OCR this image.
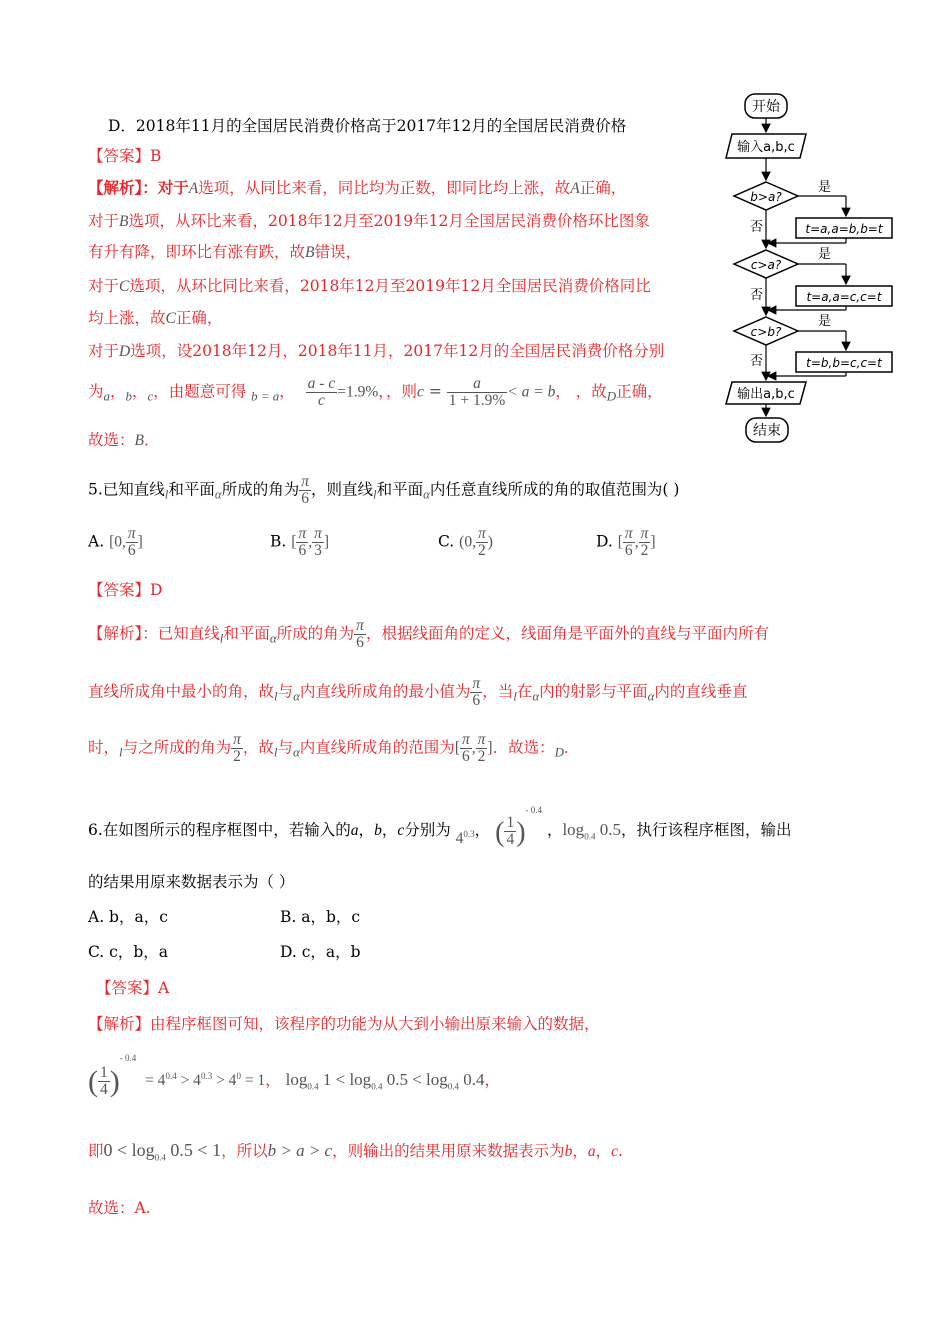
D．2018年11月的全国居民消费价格高于2017年12月的全国居民消费价格
【答案】B
【解析】：对于A选项，从同比来看，同比均为正数，即同比均上涨，故A正确，
对于B选项，从环比来看，2018年12月至2019年12月全国居民消费价格环比图象
有升有降，即环比有涨有跌，故B错误，
对于C选项，从环比同比来看，2018年12月至2019年12月全国居民消费价格同比
均上涨，故C正确，
对于D选项，设2018年12月，2018年11月，2017年12月的全国居民消费价格分别
为$_a$，$_b$，$_c$，由题意可得 $_{b = a}$， $\frac{a - c}{c} =1.9\%$，，则$c = \frac{a}{1 + 1.9\%} < a = b$， ，故$_D$正确，
故选：B．
开始
输入a,b,c
b>a?
是
否	t=a,a=b,b=t
c>a?
是
否	t=a,a=c,c=t
c>b?
是
否	t=b,b=c,c=t
输出a,b,c
结束
5.已知直线$_l$和平面$_\alpha$所成的角为 $\frac{\pi}{6}$ ，则直线$_l$和平面$_\alpha$内任意直线所成的角的取值范围为( )
A. [0, $\frac{\pi}{6}$ ]	B. [ $\frac{\pi}{6}$ , $\frac{\pi}{3}$ ]	C. (0, $\frac{\pi}{2}$ )	D. [ $\frac{\pi}{6}$ , $\frac{\pi}{2}$ ]
【答案】D
【解析】：已知直线$_l$和平面$_\alpha$所成的角为 $\frac{\pi}{6}$ ，根据线面角的定义，线面角是平面外的直线与平面内所有
直线所成角中最小的角，故$_l$与$_\alpha$内直线所成角的最小值为 $\frac{\pi}{6}$ ，当$_l$在$_\alpha$内的射影与平面$_\alpha$内的直线垂直
时，$_l$与之所成的角为 $\frac{\pi}{2}$ ，故$_l$与$_\alpha$内直线所成角的范围为[ $\frac{\pi}{6}$ , $\frac{\pi}{2}$ ]．故选：$_D$．
6.在如图所示的程序框图中，若输入的a，b，c分别为 $4^{0.3}$， ( $\frac{1}{4} )^{- 0.4}$ ，$\log_{0.4} 0.5$，执行该程序框图，输出
的结果用原来数据表示为（ ）
A. b，a，c	B. a，b，c
C. c，b，a	D. c，a，b
【答案】A
【解析】由程序框图可知，该程序的功能为从大到小输出原来输入的数据，
( $\frac{1}{4} )^{- 0.4} = 4^{0.4} > 4^{0.3} > 4^0 = 1$， $\log_{0.4} 1 < \log_{0.4} 0.5 < \log_{0.4} 0.4$，
即$0 < \log_{0.4} 0.5 < 1$，所以b > a > c，则输出的结果用原来数据表示为b，a，c.
故选：A.
